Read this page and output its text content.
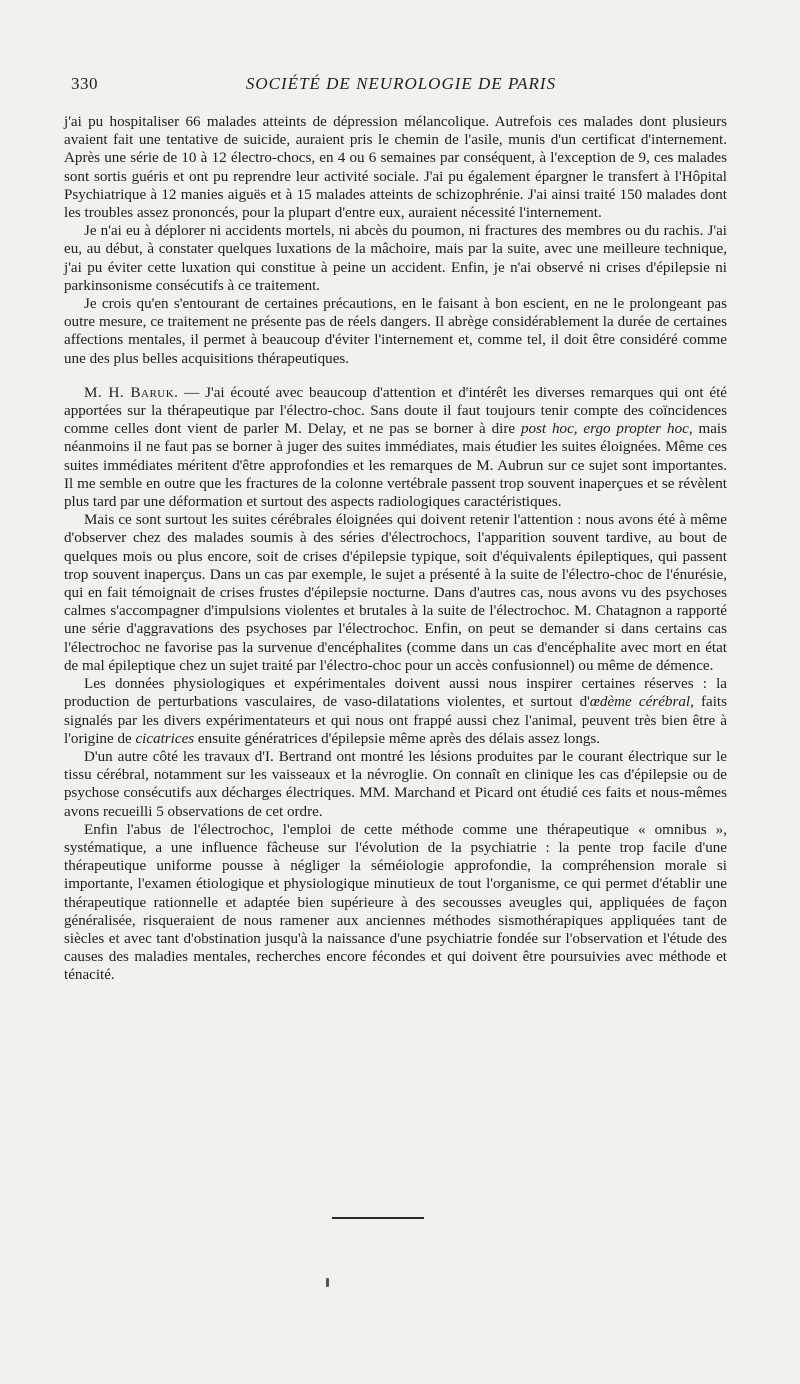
330	SOCIÉTÉ DE NEUROLOGIE DE PARIS

j'ai pu hospitaliser 66 malades atteints de dépression mélancolique. Autrefois ces malades dont plusieurs avaient fait une tentative de suicide, auraient pris le chemin de l'asile, munis d'un certificat d'internement. Après une série de 10 à 12 électro-chocs, en 4 ou 6 semaines par conséquent, à l'exception de 9, ces malades sont sortis guéris et ont pu reprendre leur activité sociale. J'ai pu également épargner le transfert à l'Hôpital Psychiatrique à 12 manies aiguës et à 15 malades atteints de schizophrénie. J'ai ainsi traité 150 malades dont les troubles assez prononcés, pour la plupart d'entre eux, auraient nécessité l'internement.

Je n'ai eu à déplorer ni accidents mortels, ni abcès du poumon, ni fractures des membres ou du rachis. J'ai eu, au début, à constater quelques luxations de la mâchoire, mais par la suite, avec une meilleure technique, j'ai pu éviter cette luxation qui constitue à peine un accident. Enfin, je n'ai observé ni crises d'épilepsie ni parkinsonisme consécutifs à ce traitement.

Je crois qu'en s'entourant de certaines précautions, en le faisant à bon escient, en ne le prolongeant pas outre mesure, ce traitement ne présente pas de réels dangers. Il abrège considérablement la durée de certaines affections mentales, il permet à beaucoup d'éviter l'internement et, comme tel, il doit être considéré comme une des plus belles acquisitions thérapeutiques.

M. H. Baruk. — J'ai écouté avec beaucoup d'attention et d'intérêt les diverses remarques qui ont été apportées sur la thérapeutique par l'électro-choc. Sans doute il faut toujours tenir compte des coïncidences comme celles dont vient de parler M. Delay, et ne pas se borner à dire post hoc, ergo propter hoc, mais néanmoins il ne faut pas se borner à juger des suites immédiates, mais étudier les suites éloignées. Même ces suites immédiates méritent d'être approfondies et les remarques de M. Aubrun sur ce sujet sont importantes. Il me semble en outre que les fractures de la colonne vertébrale passent trop souvent inaperçues et se révèlent plus tard par une déformation et surtout des aspects radiologiques caractéristiques.

Mais ce sont surtout les suites cérébrales éloignées qui doivent retenir l'attention : nous avons été à même d'observer chez des malades soumis à des séries d'électrochocs, l'apparition souvent tardive, au bout de quelques mois ou plus encore, soit de crises d'épilepsie typique, soit d'équivalents épileptiques, qui passent trop souvent inaperçus. Dans un cas par exemple, le sujet a présenté à la suite de l'électro-choc de l'énurésie, qui en fait témoignait de crises frustes d'épilepsie nocturne. Dans d'autres cas, nous avons vu des psychoses calmes s'accompagner d'impulsions violentes et brutales à la suite de l'électrochoc. M. Chatagnon a rapporté une série d'aggravations des psychoses par l'électrochoc. Enfin, on peut se demander si dans certains cas l'électrochoc ne favorise pas la survenue d'encéphalites (comme dans un cas d'encéphalite avec mort en état de mal épileptique chez un sujet traité par l'électro-choc pour un accès confusionnel) ou même de démence.

Les données physiologiques et expérimentales doivent aussi nous inspirer certaines réserves : la production de perturbations vasculaires, de vaso-dilatations violentes, et surtout d'œdème cérébral, faits signalés par les divers expérimentateurs et qui nous ont frappé aussi chez l'animal, peuvent très bien être à l'origine de cicatrices ensuite génératrices d'épilepsie même après des délais assez longs.

D'un autre côté les travaux d'I. Bertrand ont montré les lésions produites par le courant électrique sur le tissu cérébral, notamment sur les vaisseaux et la névroglie. On connaît en clinique les cas d'épilepsie ou de psychose consécutifs aux décharges électriques. MM. Marchand et Picard ont étudié ces faits et nous-mêmes avons recueilli 5 observations de cet ordre.

Enfin l'abus de l'électrochoc, l'emploi de cette méthode comme une thérapeutique « omnibus », systématique, a une influence fâcheuse sur l'évolution de la psychiatrie : la pente trop facile d'une thérapeutique uniforme pousse à négliger la séméiologie approfondie, la compréhension morale si importante, l'examen étiologique et physiologique minutieux de tout l'organisme, ce qui permet d'établir une thérapeutique rationnelle et adaptée bien supérieure à des secousses aveugles qui, appliquées de façon généralisée, risqueraient de nous ramener aux anciennes méthodes sismothérapiques appliquées tant de siècles et avec tant d'obstination jusqu'à la naissance d'une psychiatrie fondée sur l'observation et l'étude des causes des maladies mentales, recherches encore fécondes et qui doivent être poursuivies avec méthode et ténacité.
